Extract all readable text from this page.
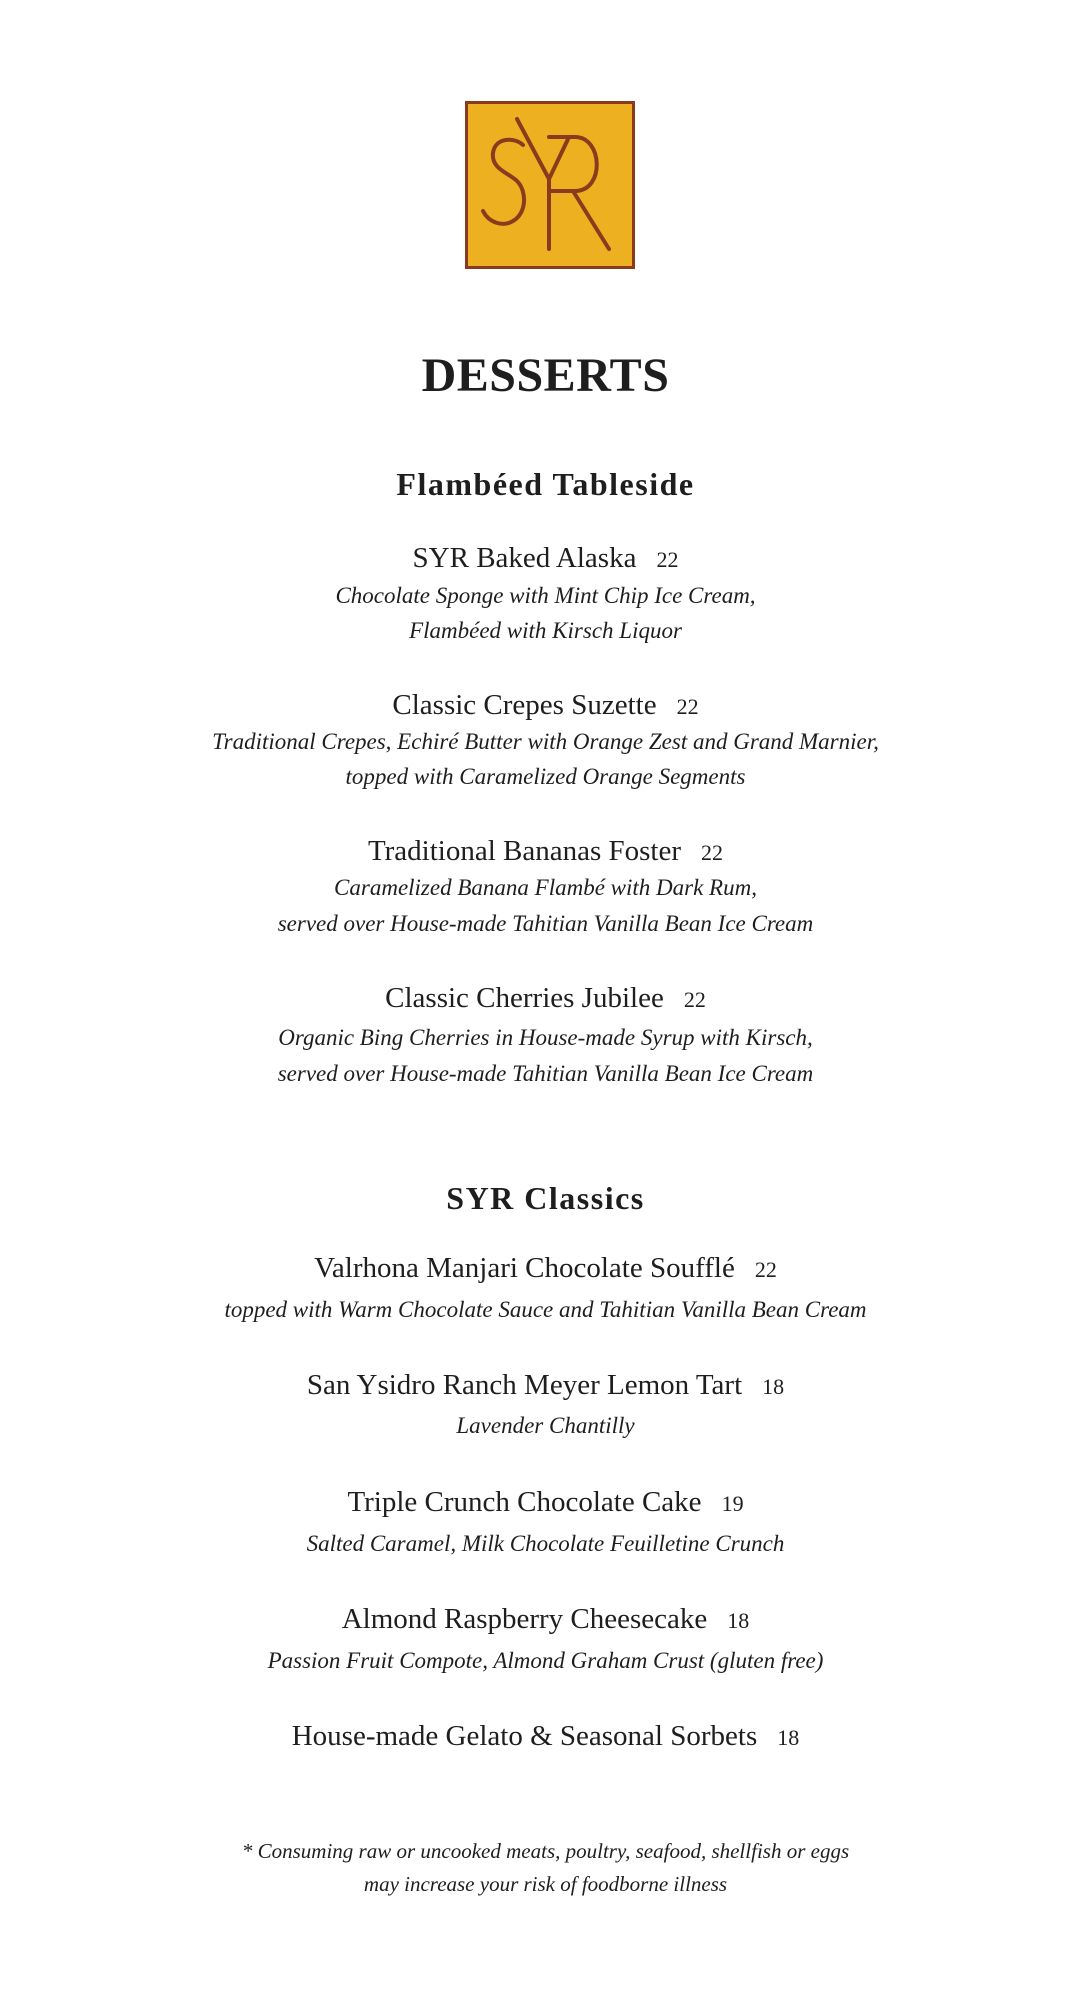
DESSERTS
Flambéed Tableside
SYR Baked Alaska 22
Chocolate Sponge with Mint Chip Ice Cream,
Flambéed with Kirsch Liquor
Classic Crepes Suzette 22
Traditional Crepes, Echiré Butter with Orange Zest and Grand Marnier,
topped with Caramelized Orange Segments
Traditional Bananas Foster 22
Caramelized Banana Flambé with Dark Rum,
served over House-made Tahitian Vanilla Bean Ice Cream
Classic Cherries Jubilee 22
Organic Bing Cherries in House-made Syrup with Kirsch,
served over House-made Tahitian Vanilla Bean Ice Cream
SYR Classics
Valrhona Manjari Chocolate Soufflé 22
topped with Warm Chocolate Sauce and Tahitian Vanilla Bean Cream
San Ysidro Ranch Meyer Lemon Tart 18
Lavender Chantilly
Triple Crunch Chocolate Cake 19
Salted Caramel, Milk Chocolate Feuilletine Crunch
Almond Raspberry Cheesecake 18
Passion Fruit Compote, Almond Graham Crust (gluten free)
House-made Gelato & Seasonal Sorbets 18
* Consuming raw or uncooked meats, poultry, seafood, shellfish or eggs
may increase your risk of foodborne illness
